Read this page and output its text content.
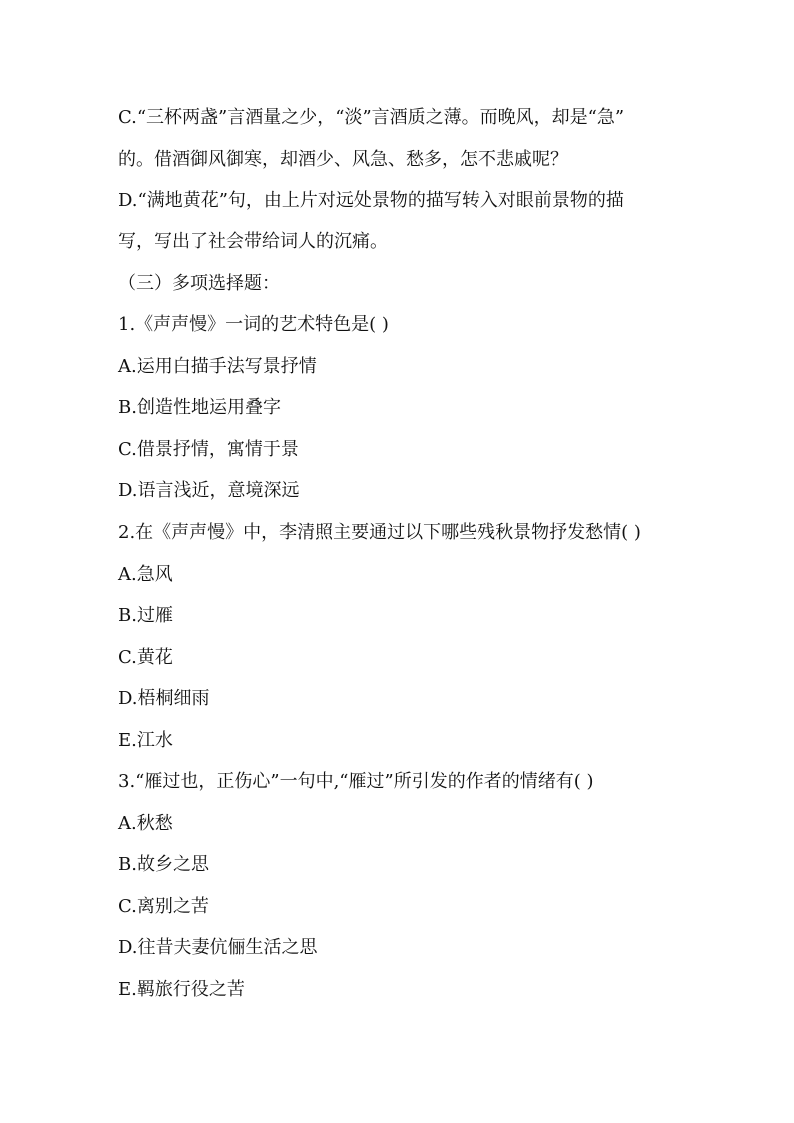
C.“三杯两盏”言酒量之少，“淡”言酒质之薄。而晚风，却是“急”
的。借酒御风御寒，却酒少、风急、愁多，怎不悲戚呢？
D.“满地黄花”句，由上片对远处景物的描写转入对眼前景物的描
写，写出了社会带给词人的沉痛。
（三）多项选择题：
1.《声声慢》一词的艺术特色是( )
A.运用白描手法写景抒情
B.创造性地运用叠字
C.借景抒情，寓情于景
D.语言浅近，意境深远
2.在《声声慢》中，李清照主要通过以下哪些残秋景物抒发愁情( )
A.急风
B.过雁
C.黄花
D.梧桐细雨
E.江水
3.“雁过也，正伤心”一句中,“雁过”所引发的作者的情绪有( )
A.秋愁
B.故乡之思
C.离别之苦
D.往昔夫妻伉俪生活之思
E.羁旅行役之苦
